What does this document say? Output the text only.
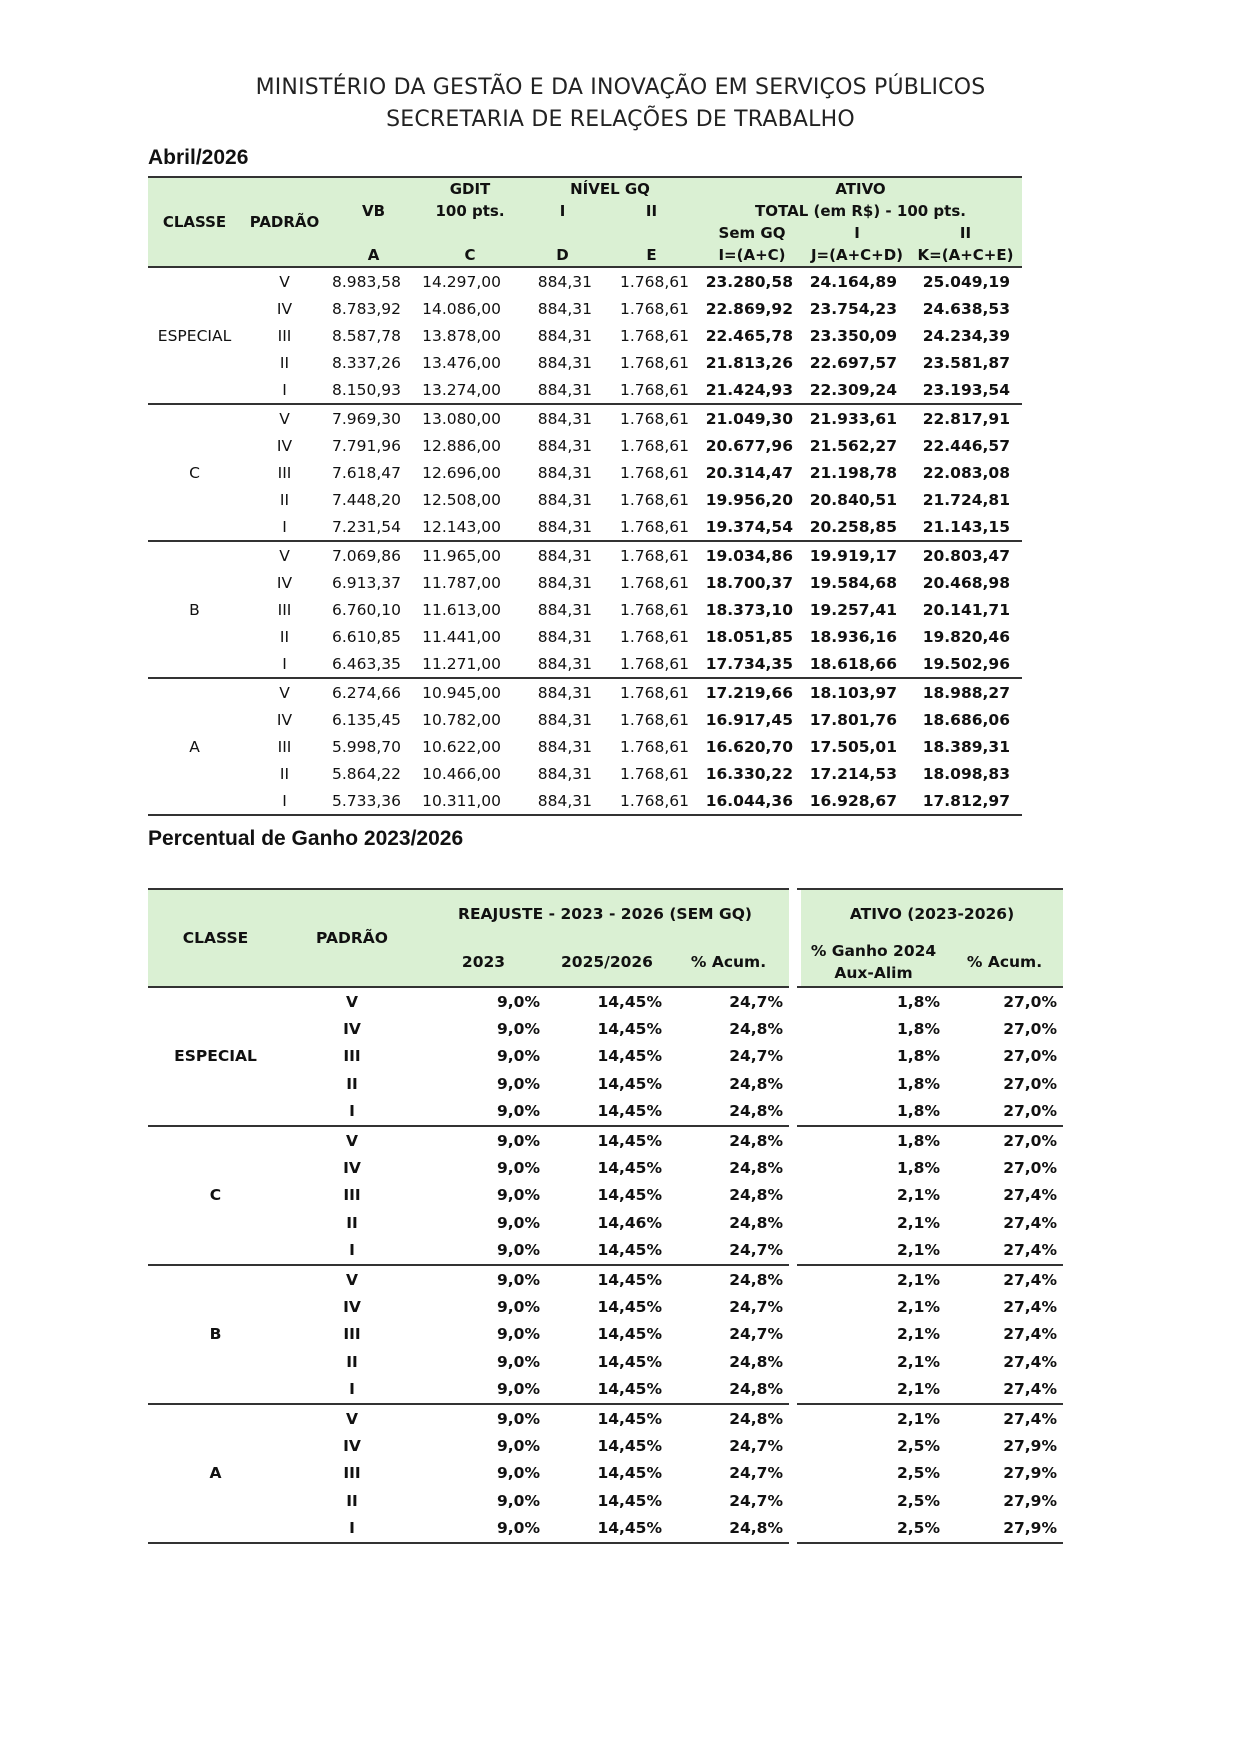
MINISTÉRIO DA GESTÃO E DA INOVAÇÃO EM SERVIÇOS PÚBLICOS
SECRETARIA DE RELAÇÕES DE TRABALHO
Abril/2026
			GDIT	NÍVEL GQ		ATIVO		
CLASSE	PADRÃO	VB	100 pts.	I	II	TOTAL (em R$) - 100 pts.		
						Sem GQ	I	II
		A	C	D	E	I=(A+C)	J=(A+C+D)	K=(A+C+E)
	V	8.983,58	14.297,00	884,31	1.768,61	23.280,58	24.164,89	25.049,19
	IV	8.783,92	14.086,00	884,31	1.768,61	22.869,92	23.754,23	24.638,53
ESPECIAL	III	8.587,78	13.878,00	884,31	1.768,61	22.465,78	23.350,09	24.234,39
	II	8.337,26	13.476,00	884,31	1.768,61	21.813,26	22.697,57	23.581,87
	I	8.150,93	13.274,00	884,31	1.768,61	21.424,93	22.309,24	23.193,54
	V	7.969,30	13.080,00	884,31	1.768,61	21.049,30	21.933,61	22.817,91
	IV	7.791,96	12.886,00	884,31	1.768,61	20.677,96	21.562,27	22.446,57
C	III	7.618,47	12.696,00	884,31	1.768,61	20.314,47	21.198,78	22.083,08
	II	7.448,20	12.508,00	884,31	1.768,61	19.956,20	20.840,51	21.724,81
	I	7.231,54	12.143,00	884,31	1.768,61	19.374,54	20.258,85	21.143,15
	V	7.069,86	11.965,00	884,31	1.768,61	19.034,86	19.919,17	20.803,47
	IV	6.913,37	11.787,00	884,31	1.768,61	18.700,37	19.584,68	20.468,98
B	III	6.760,10	11.613,00	884,31	1.768,61	18.373,10	19.257,41	20.141,71
	II	6.610,85	11.441,00	884,31	1.768,61	18.051,85	18.936,16	19.820,46
	I	6.463,35	11.271,00	884,31	1.768,61	17.734,35	18.618,66	19.502,96
	V	6.274,66	10.945,00	884,31	1.768,61	17.219,66	18.103,97	18.988,27
	IV	6.135,45	10.782,00	884,31	1.768,61	16.917,45	17.801,76	18.686,06
A	III	5.998,70	10.622,00	884,31	1.768,61	16.620,70	17.505,01	18.389,31
	II	5.864,22	10.466,00	884,31	1.768,61	16.330,22	17.214,53	18.098,83
	I	5.733,36	10.311,00	884,31	1.768,61	16.044,36	16.928,67	17.812,97
Percentual de Ganho 2023/2026
CLASSE	PADRÃO	REAJUSTE - 2023 - 2026 (SEM GQ)				ATIVO (2023-2026)	
		2023	2025/2026	% Acum.		% Ganho 2024
Aux-Alim	% Acum.
	V	9,0%	14,45%	24,7%		1,8%	27,0%
	IV	9,0%	14,45%	24,8%		1,8%	27,0%
ESPECIAL	III	9,0%	14,45%	24,7%		1,8%	27,0%
	II	9,0%	14,45%	24,8%		1,8%	27,0%
	I	9,0%	14,45%	24,8%		1,8%	27,0%
	V	9,0%	14,45%	24,8%		1,8%	27,0%
	IV	9,0%	14,45%	24,8%		1,8%	27,0%
C	III	9,0%	14,45%	24,8%		2,1%	27,4%
	II	9,0%	14,46%	24,8%		2,1%	27,4%
	I	9,0%	14,45%	24,7%		2,1%	27,4%
	V	9,0%	14,45%	24,8%		2,1%	27,4%
	IV	9,0%	14,45%	24,7%		2,1%	27,4%
B	III	9,0%	14,45%	24,7%		2,1%	27,4%
	II	9,0%	14,45%	24,8%		2,1%	27,4%
	I	9,0%	14,45%	24,8%		2,1%	27,4%
	V	9,0%	14,45%	24,8%		2,1%	27,4%
	IV	9,0%	14,45%	24,7%		2,5%	27,9%
A	III	9,0%	14,45%	24,7%		2,5%	27,9%
	II	9,0%	14,45%	24,7%		2,5%	27,9%
	I	9,0%	14,45%	24,8%		2,5%	27,9%
